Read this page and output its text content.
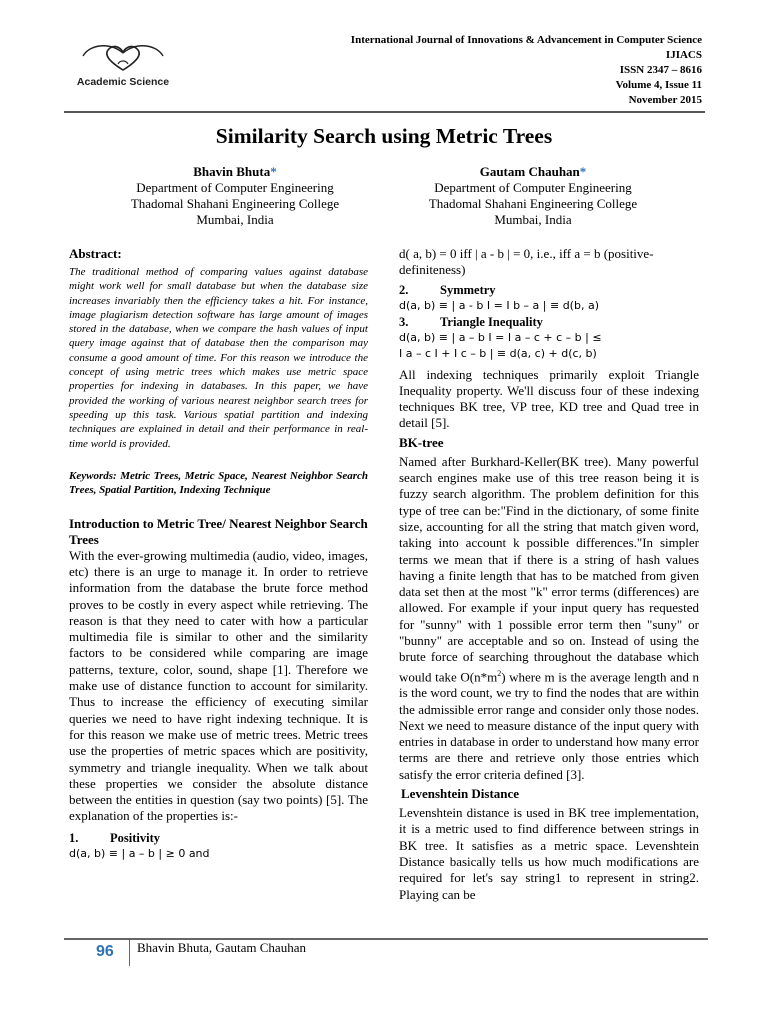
Academic Science
International Journal of Innovations & Advancement in Computer Science
IJIACS
ISSN 2347 – 8616
Volume 4, Issue 11
November 2015
Similarity Search using Metric Trees
Bhavin Bhuta*
Department of Computer Engineering
Thadomal Shahani Engineering College
Mumbai, India
Gautam Chauhan*
Department of Computer Engineering
Thadomal Shahani Engineering College
Mumbai, India
Abstract:
The traditional method of comparing values against database might work well for small database but when the database size increases invariably then the efficiency takes a hit. For instance, image plagiarism detection software has large amount of images stored in the database, when we compare the hash values of input query image against that of database then the comparison may consume a good amount of time. For this reason we introduce the concept of using metric trees which makes use metric space properties for indexing in databases. In this paper, we have provided the working of various nearest neighbor search trees for speeding up this task. Various spatial partition and indexing techniques are explained in detail and their performance in real-time world is provided.
Keywords: Metric Trees, Metric Space, Nearest Neighbor Search Trees, Spatial Partition, Indexing Technique
Introduction to Metric Tree/ Nearest Neighbor Search Trees
With the ever-growing multimedia (audio, video, images, etc) there is an urge to manage it. In order to retrieve information from the database the brute force method proves to be costly in every aspect while retrieving. The reason is that they need to cater with how a particular multimedia file is similar to other and the similarity factors to be considered while comparing are image patterns, texture, color, sound, shape [1]. Therefore we make use of distance function to account for similarity. Thus to increase the efficiency of executing similar queries we need to have right indexing technique. It is for this reason we make use of metric trees. Metric trees use the properties of metric spaces which are positivity, symmetry and triangle inequality. When we talk about these properties we consider the absolute distance between the entities in question (say two points) [5]. The explanation of the properties is:-
1.	Positivity
d(a, b) ≡ | a – b | ≥ 0 and
d( a, b) = 0 iff | a - b | = 0, i.e., iff a = b (positive-definiteness)
2.	Symmetry
d(a, b) ≡ | a - b I = I b – a | ≡ d(b, a)
3.	Triangle Inequality
d(a, b) ≡ | a – b I = I a – c + c – b | ≤
I a – c I + I c – b | ≡ d(a, c) + d(c, b)
All indexing techniques primarily exploit Triangle Inequality property. We'll discuss four of these indexing techniques BK tree, VP tree, KD tree and Quad tree in detail [5].
BK-tree
Named after Burkhard-Keller(BK tree). Many powerful search engines make use of this tree reason being it is fuzzy search algorithm. The problem definition for this type of tree can be:"Find in the dictionary, of some finite size, accounting for all the string that match given word, taking into account k possible differences."In simpler terms we mean that if there is a string of hash values having a finite length that has to be matched from given data set then at the most "k" error terms (differences) are allowed. For example if your input query has requested for "sunny" with 1 possible error term then "suny" or "bunny" are acceptable and so on. Instead of using the brute force of searching throughout the database which would take $O(n*m^2)$ where m is the average length and n is the word count, we try to find the nodes that are within the admissible error range and consider only those nodes. Next we need to measure distance of the input query with entries in database in order to understand how many error terms are there and retrieve only those entries which satisfy the error criteria defined [3].
Levenshtein Distance
Levenshtein distance is used in BK tree implementation, it is a metric used to find difference between strings in BK tree. It satisfies as a metric space. Levenshtein Distance basically tells us how much modifications are required for let's say string1 to represent in string2. Playing can be
96 Bhavin Bhuta, Gautam Chauhan
